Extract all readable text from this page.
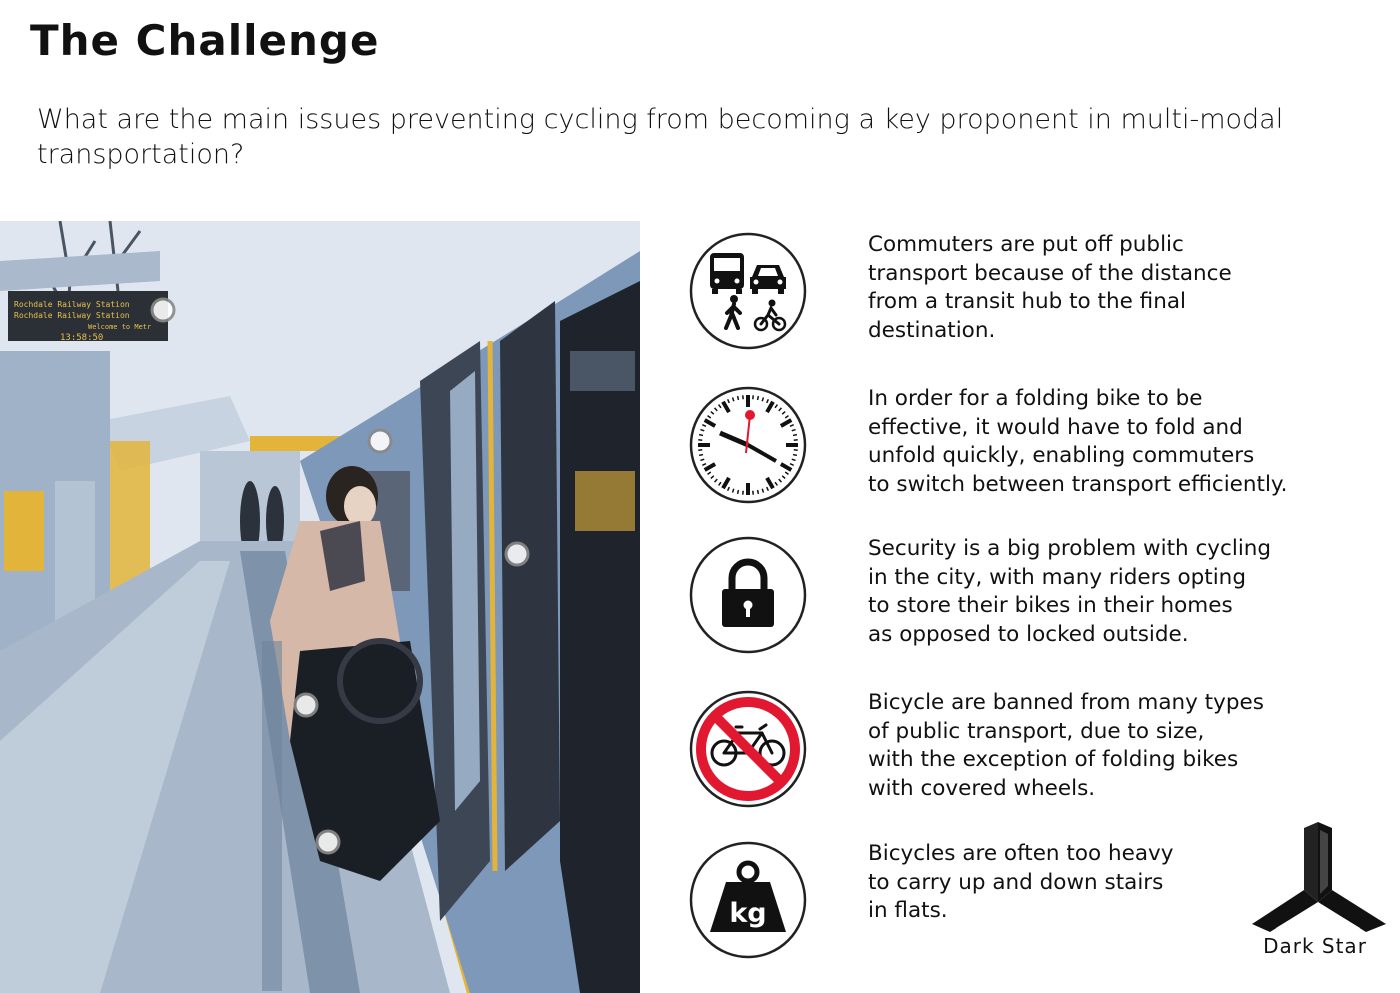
The Challenge

What are the main issues preventing cycling from becoming a key proponent in multi-modal transportation?

Rochdale Railway Station
Rochdale Railway Station
Welcome to Metr
13:58:50

Commuters are put off public
transport because of the distance
from a transit hub to the final
destination.

In order for a folding bike to be
effective, it would have to fold and
unfold quickly, enabling commuters
to switch between transport efficiently.

Security is a big problem with cycling
in the city, with many riders opting
to store their bikes in their homes
as opposed to locked outside.

Bicycle are banned from many types
of public transport, due to size,
with the exception of folding bikes
with covered wheels.

kg

Bicycles are often too heavy
to carry up and down stairs
in flats.

Dark Star
